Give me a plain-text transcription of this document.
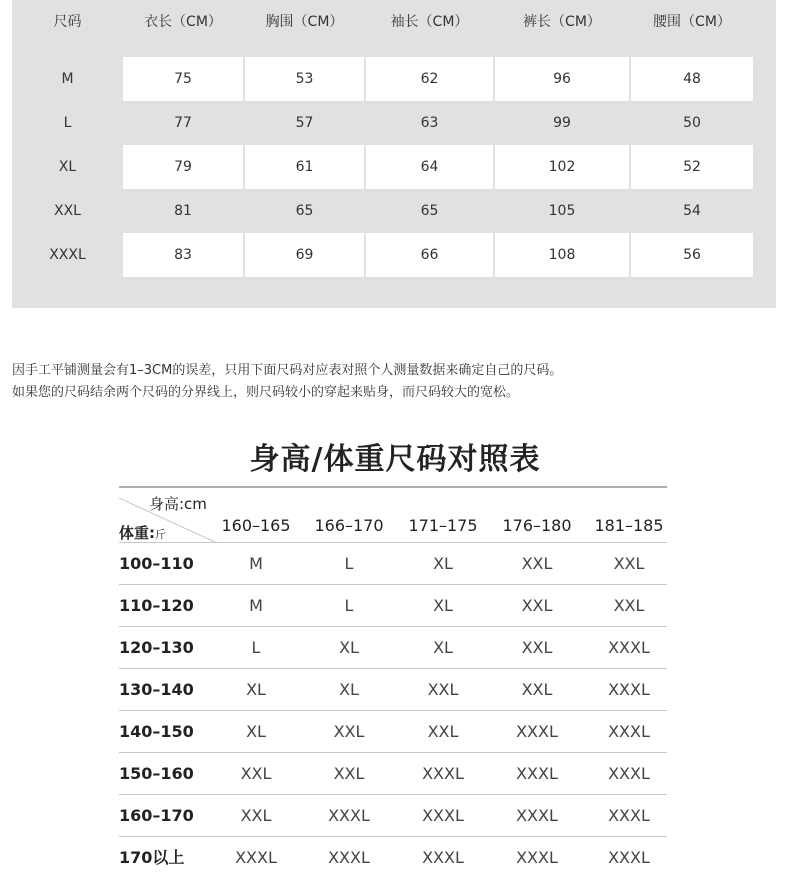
尺码	衣长（CM）	胸围（CM）	袖长（CM）	裤长（CM）	腰围（CM）
M	75	53	62	96	48
L	77	57	63	99	50
XL	79	61	64	102	52
XXL	81	65	65	105	54
XXXL	83	69	66	108	56
因手工平铺测量会有1–3CM的误差，只用下面尺码对应表对照个人测量数据来确定自己的尺码。
如果您的尺码结余两个尺码的分界线上，则尺码较小的穿起来贴身，而尺码较大的宽松。
身高/体重尺码对照表
身高:cm
体重:斤	160–165	166–170	171–175	176–180	181–185
100–110	M	L	XL	XXL	XXL
110–120	M	L	XL	XXL	XXL
120–130	L	XL	XL	XXL	XXXL
130–140	XL	XL	XXL	XXL	XXXL
140–150	XL	XXL	XXL	XXXL	XXXL
150–160	XXL	XXL	XXXL	XXXL	XXXL
160–170	XXL	XXXL	XXXL	XXXL	XXXL
170以上	XXXL	XXXL	XXXL	XXXL	XXXL
